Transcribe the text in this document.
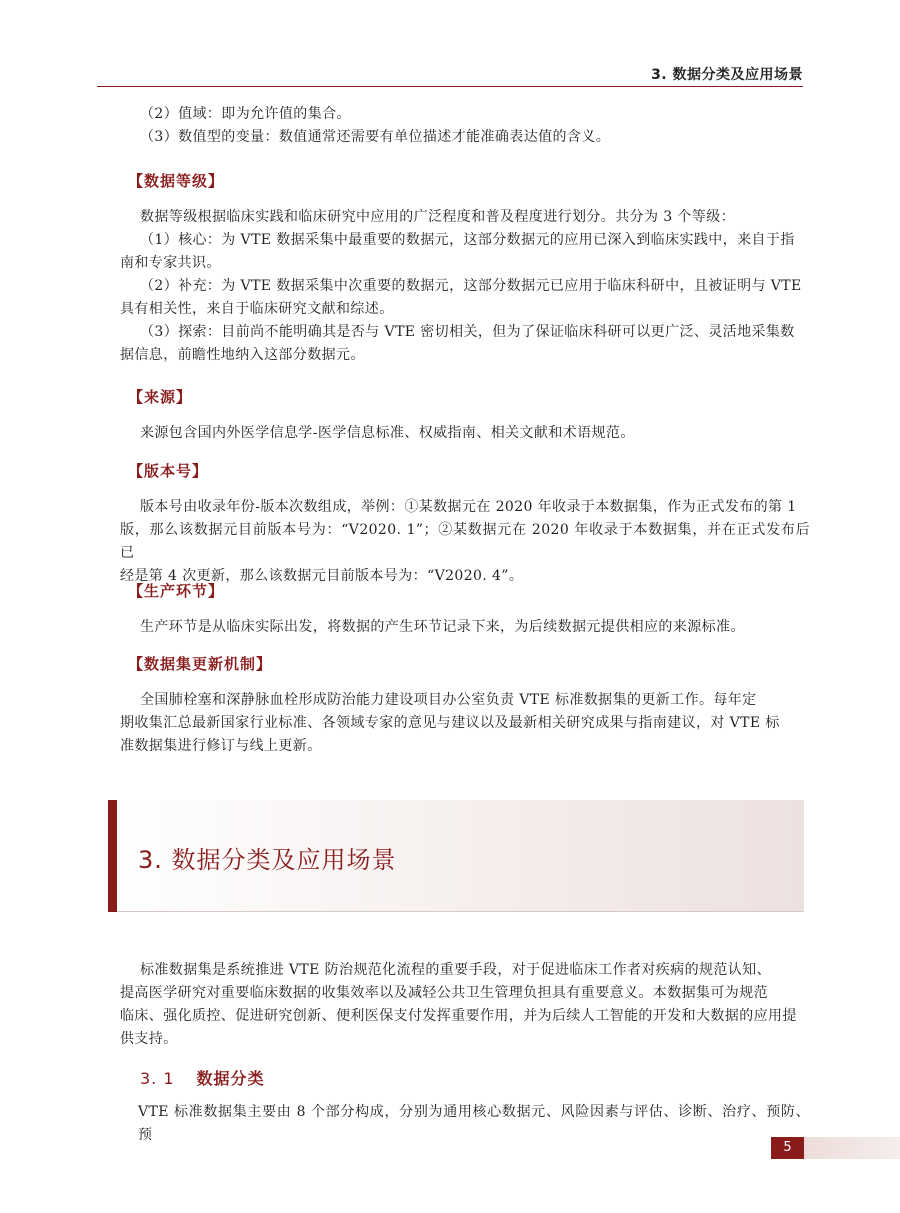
3. 数据分类及应用场景

（2）值域：即为允许值的集合。

（3）数值型的变量：数值通常还需要有单位描述才能准确表达值的含义。

【数据等级】

数据等级根据临床实践和临床研究中应用的广泛程度和普及程度进行划分。共分为 3 个等级：

（1）核心：为 VTE 数据采集中最重要的数据元，这部分数据元的应用已深入到临床实践中，来自于指

南和专家共识。

（2）补充：为 VTE 数据采集中次重要的数据元，这部分数据元已应用于临床科研中，且被证明与 VTE

具有相关性，来自于临床研究文献和综述。

（3）探索：目前尚不能明确其是否与 VTE 密切相关，但为了保证临床科研可以更广泛、灵活地采集数

据信息，前瞻性地纳入这部分数据元。

【来源】

来源包含国内外医学信息学-医学信息标准、权威指南、相关文献和术语规范。

【版本号】

版本号由收录年份-版本次数组成，举例：①某数据元在 2020 年收录于本数据集，作为正式发布的第 1

版，那么该数据元目前版本号为：“V2020. 1”；②某数据元在 2020 年收录于本数据集，并在正式发布后已

经是第 4 次更新，那么该数据元目前版本号为：“V2020. 4”。

【生产环节】

生产环节是从临床实际出发，将数据的产生环节记录下来，为后续数据元提供相应的来源标准。

【数据集更新机制】

全国肺栓塞和深静脉血栓形成防治能力建设项目办公室负责 VTE 标准数据集的更新工作。每年定

期收集汇总最新国家行业标准、各领域专家的意见与建议以及最新相关研究成果与指南建议，对 VTE 标

准数据集进行修订与线上更新。

3. 数据分类及应用场景

标准数据集是系统推进 VTE 防治规范化流程的重要手段，对于促进临床工作者对疾病的规范认知、

提高医学研究对重要临床数据的收集效率以及减轻公共卫生管理负担具有重要意义。本数据集可为规范

临床、强化质控、促进研究创新、便利医保支付发挥重要作用，并为后续人工智能的开发和大数据的应用提

供支持。

3. 1 数据分类

VTE 标准数据集主要由 8 个部分构成，分别为通用核心数据元、风险因素与评估、诊断、治疗、预防、预

5
